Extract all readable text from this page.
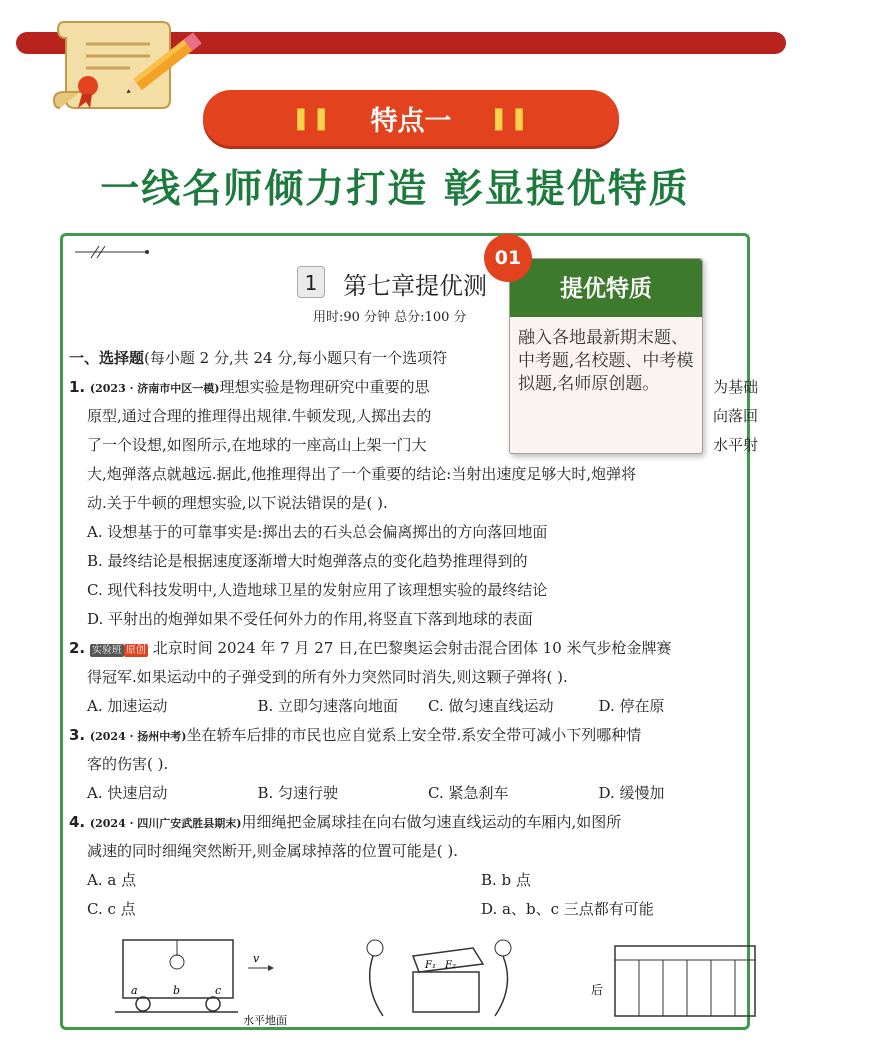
❚❚ 特点一 ❚❚
一线名师倾力打造 彰显提优特质
1	第七章提优测
用时:90 分钟 总分:100 分
一、选择题(每小题 2 分,共 24 分,每小题只有一个选项符
1. (2023 · 济南市中区一模)理想实验是物理研究中重要的思	为基础
原型,通过合理的推理得出规律.牛顿发现,人掷出去的	向落回
了一个设想,如图所示,在地球的一座高山上架一门大	水平射
大,炮弹落点就越远.据此,他推理得出了一个重要的结论:当射出速度足够大时,炮弹将
动.关于牛顿的理想实验,以下说法错误的是( ).
A. 设想基于的可靠事实是:掷出去的石头总会偏离掷出的方向落回地面
B. 最终结论是根据速度逐渐增大时炮弹落点的变化趋势推理得到的
C. 现代科技发明中,人造地球卫星的发射应用了该理想实验的最终结论
D. 平射出的炮弹如果不受任何外力的作用,将竖直下落到地球的表面
2. 实验班 原创 北京时间 2024 年 7 月 27 日,在巴黎奥运会射击混合团体 10 米气步枪金牌赛
得冠军.如果运动中的子弹受到的所有外力突然同时消失,则这颗子弹将( ).
A. 加速运动	B. 立即匀速落向地面	C. 做匀速直线运动	D. 停在原
3. (2024 · 扬州中考)坐在轿车后排的市民也应自觉系上安全带.系安全带可减小下列哪种情
客的伤害( ).
A. 快速启动	B. 匀速行驶	C. 紧急刹车	D. 缓慢加
4. (2024 · 四川广安武胜县期末)用细绳把金属球挂在向右做匀速直线运动的车厢内,如图所
减速的同时细绳突然断开,则金属球掉落的位置可能是( ).
A. a 点	B. b 点
C. c 点	D. a、b、c 三点都有可能
a	b	c
v
水平地面
F₁ F₂
后
01
提优特质
融入各地最新期末题、中考题,名校题、中考模拟题,名师原创题。
